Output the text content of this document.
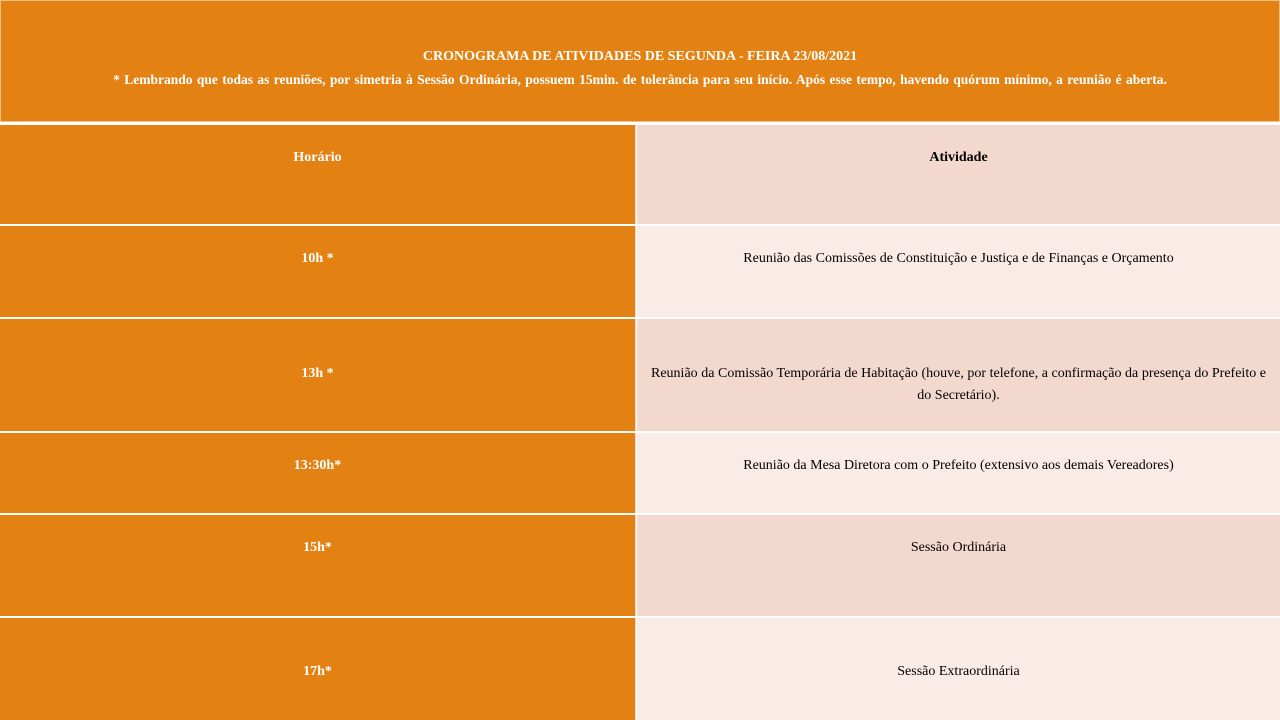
CRONOGRAMA DE ATIVIDADES DE SEGUNDA - FEIRA 23/08/2021
* Lembrando que todas as reuniões, por simetria à Sessão Ordinária, possuem 15min. de tolerância para seu início. Após esse tempo, havendo quórum mínimo, a reunião é aberta.
Horário	Atividade
10h *	Reunião das Comissões de Constituição e Justiça e de Finanças e Orçamento
13h *	Reunião da Comissão Temporária de Habitação (houve, por telefone, a confirmação da presença do Prefeito e do Secretário).
13:30h*	Reunião da Mesa Diretora com o Prefeito (extensivo aos demais Vereadores)
15h*	Sessão Ordinária
17h*	Sessão Extraordinária
